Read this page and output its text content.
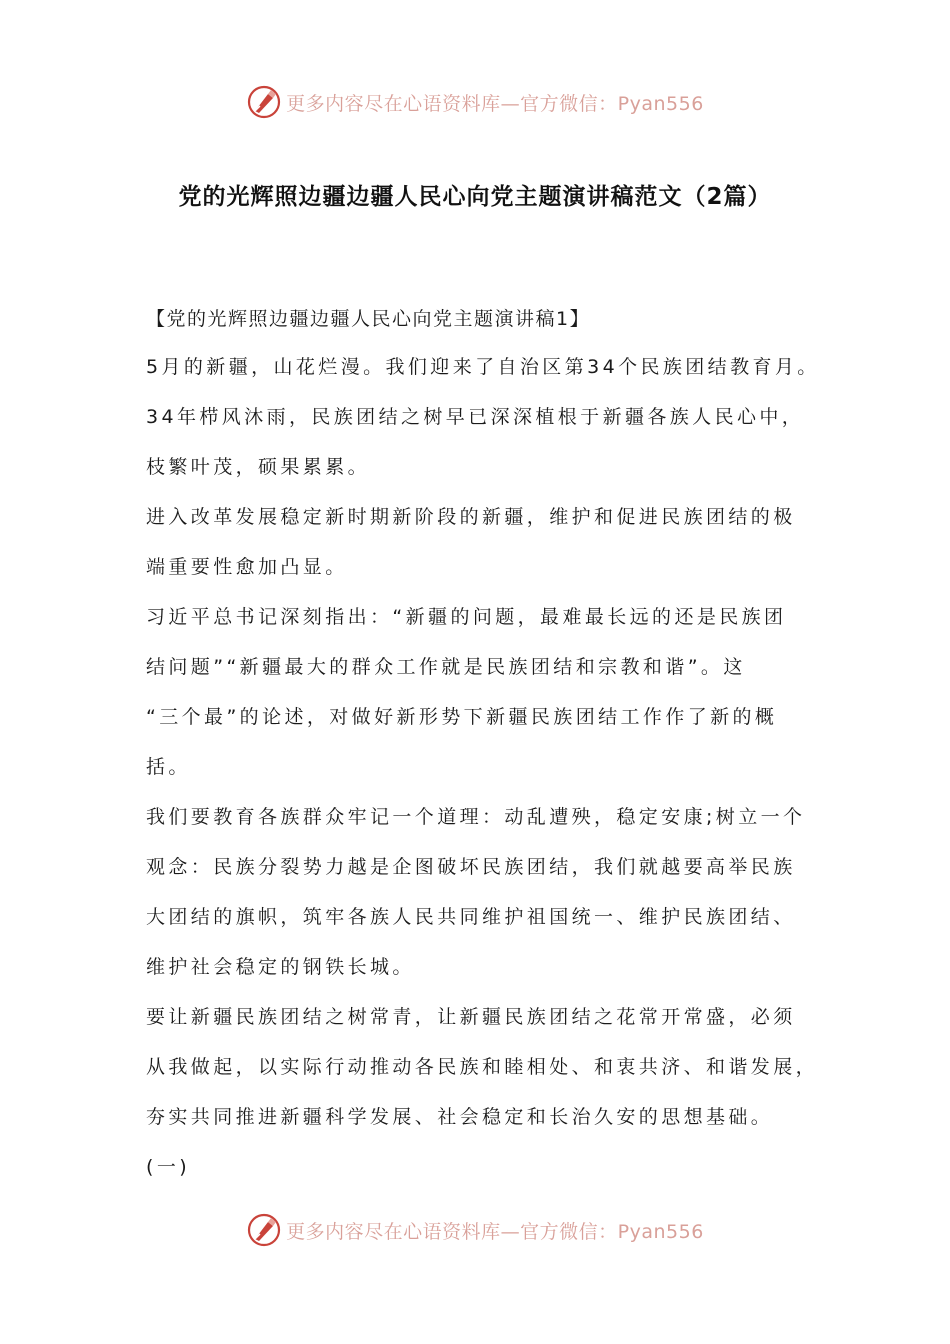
更多内容尽在心语资料库—官方微信：Pyan556
党的光辉照边疆边疆人民心向党主题演讲稿范文（2篇）

【党的光辉照边疆边疆人民心向党主题演讲稿1】

5月的新疆，山花烂漫。我们迎来了自治区第34个民族团结教育月。
34年栉风沐雨，民族团结之树早已深深植根于新疆各族人民心中，
枝繁叶茂，硕果累累。

进入改革发展稳定新时期新阶段的新疆，维护和促进民族团结的极
端重要性愈加凸显。

习近平总书记深刻指出：“新疆的问题，最难最长远的还是民族团
结问题”“新疆最大的群众工作就是民族团结和宗教和谐”。这
“三个最”的论述，对做好新形势下新疆民族团结工作作了新的概
括。

我们要教育各族群众牢记一个道理：动乱遭殃，稳定安康;树立一个
观念：民族分裂势力越是企图破坏民族团结，我们就越要高举民族
大团结的旗帜，筑牢各族人民共同维护祖国统一、维护民族团结、
维护社会稳定的钢铁长城。

要让新疆民族团结之树常青，让新疆民族团结之花常开常盛，必须
从我做起，以实际行动推动各民族和睦相处、和衷共济、和谐发展，
夯实共同推进新疆科学发展、社会稳定和长治久安的思想基础。

(一)

更多内容尽在心语资料库—官方微信：Pyan556
